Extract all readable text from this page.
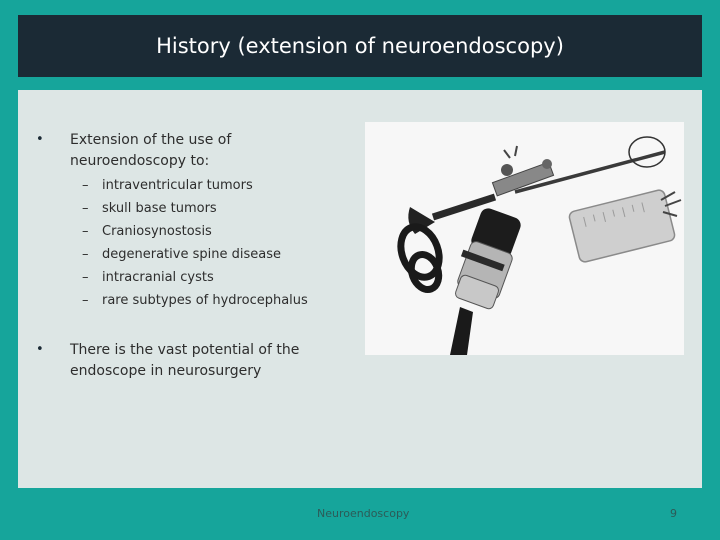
History (extension of neuroendoscopy)
• Extension of the use of
neuroendoscopy to:
– intraventricular tumors
– skull base tumors
– Craniosynostosis
– degenerative spine disease
– intracranial cysts
– rare subtypes of hydrocephalus
• There is the vast potential of the
endoscope in neurosurgery
Neuroendoscopy	9
